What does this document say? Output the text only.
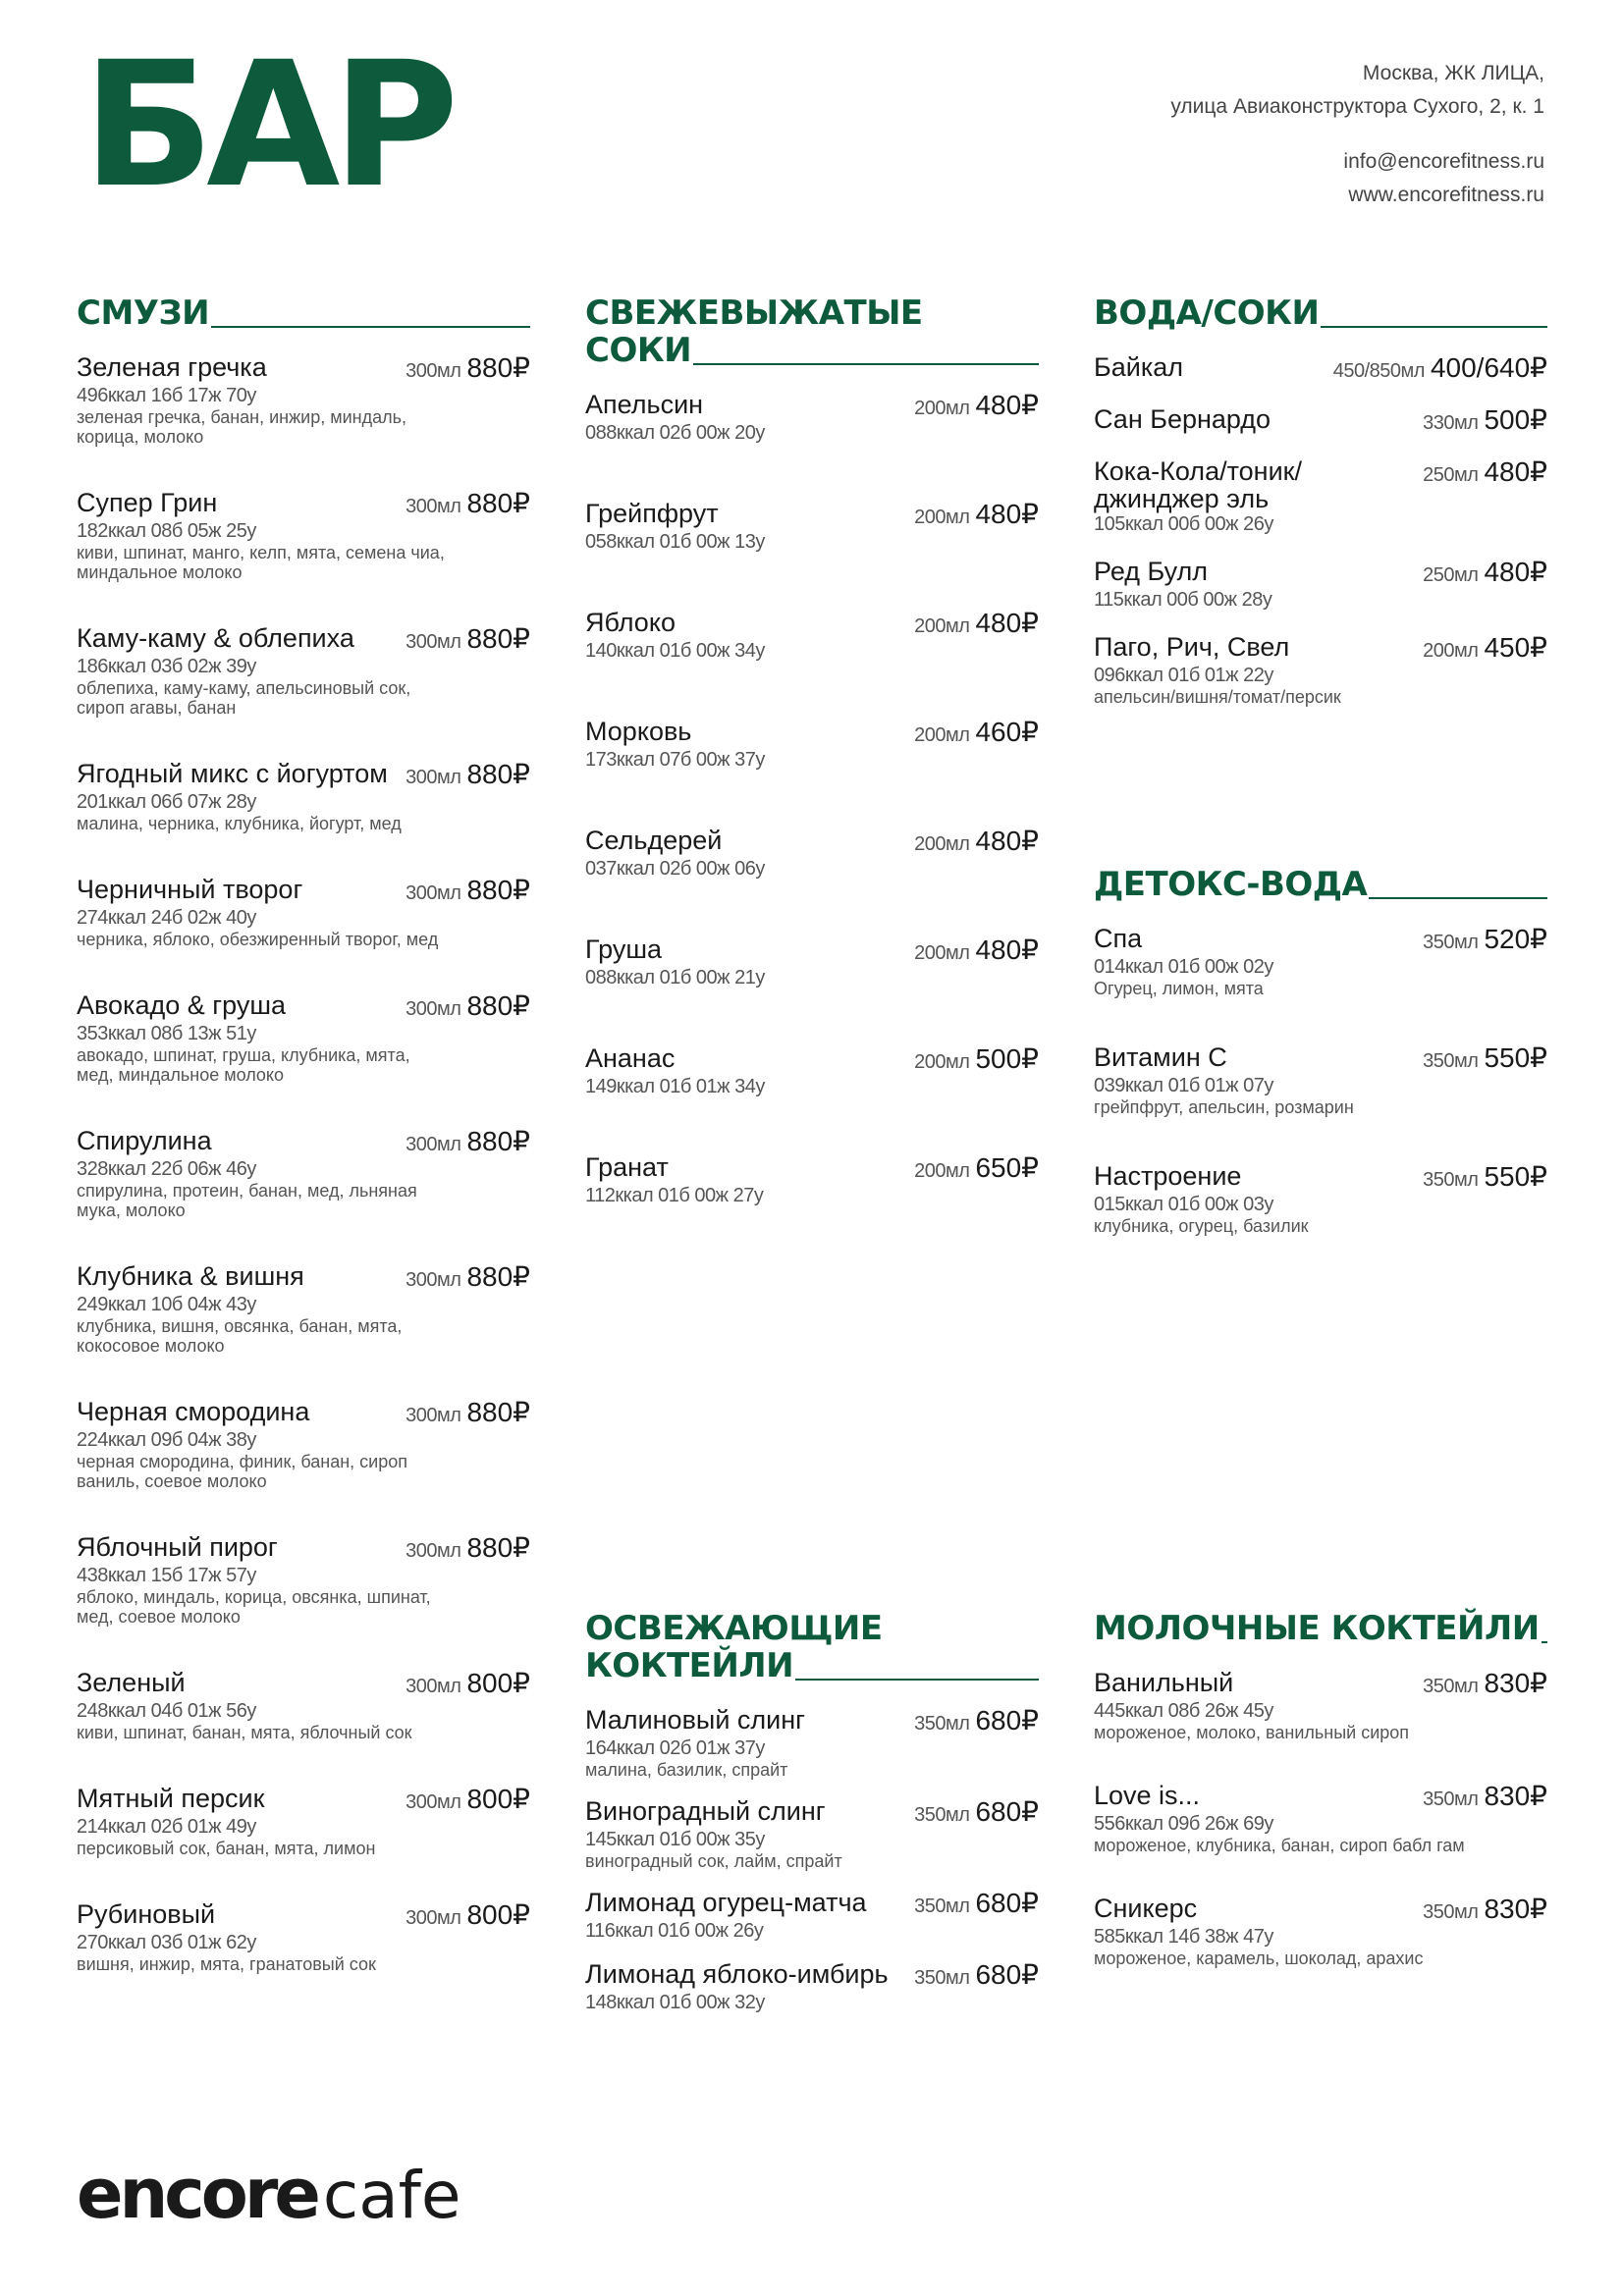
БАР	Москва, ЖК ЛИЦА,
улица Авиаконструктора Сухого, 2, к. 1
info@encorefitness.ru
www.encorefitness.ru
СМУЗИ
Зеленая гречка	300мл 880₽
496ккал 16б 17ж 70у
зеленая гречка, банан, инжир, миндаль, корица, молоко
Супер Грин	300мл 880₽
182ккал 08б 05ж 25у
киви, шпинат, манго, келп, мята, семена чиа, миндальное молоко
Каму-каму & облепиха	300мл 880₽
186ккал 03б 02ж 39у
облепиха, каму-каму, апельсиновый сок, сироп агавы, банан
Ягодный микс с йогуртом 300мл 880₽
201ккал 06б 07ж 28у
малина, черника, клубника, йогурт, мед
Черничный творог	300мл 880₽
274ккал 24б 02ж 40у
черника, яблоко, обезжиренный творог, мед
Авокадо & груша	300мл 880₽
353ккал 08б 13ж 51у
авокадо, шпинат, груша, клубника, мята, мед, миндальное молоко
Спирулина	300мл 880₽
328ккал 22б 06ж 46у
спирулина, протеин, банан, мед, льняная мука, молоко
Клубника & вишня	300мл 880₽
249ккал 10б 04ж 43у
клубника, вишня, овсянка, банан, мята, кокосовое молоко
Черная смородина	300мл 880₽
224ккал 09б 04ж 38у
черная смородина, финик, банан, сироп ваниль, соевое молоко
Яблочный пирог	300мл 880₽
438ккал 15б 17ж 57у
яблоко, миндаль, корица, овсянка, шпинат, мед, соевое молоко
Зеленый	300мл 800₽
248ккал 04б 01ж 56у
киви, шпинат, банан, мята, яблочный сок
Мятный персик	300мл 800₽
214ккал 02б 01ж 49у
персиковый сок, банан, мята, лимон
Рубиновый	300мл 800₽
270ккал 03б 01ж 62у
вишня, инжир, мята, гранатовый сок
СВЕЖЕВЫЖАТЫЕ СОКИ
Апельсин	200мл 480₽
088ккал 02б 00ж 20у
Грейпфрут	200мл 480₽
058ккал 01б 00ж 13у
Яблоко	200мл 480₽
140ккал 01б 00ж 34у
Морковь	200мл 460₽
173ккал 07б 00ж 37у
Сельдерей	200мл 480₽
037ккал 02б 00ж 06у
Груша	200мл 480₽
088ккал 01б 00ж 21у
Ананас	200мл 500₽
149ккал 01б 01ж 34у
Гранат	200мл 650₽
112ккал 01б 00ж 27у
ВОДА/СОКИ
Байкал	450/850мл 400/640₽
Сан Бернардо	330мл 500₽
Кока-Кола/тоник/ джинджер эль
250мл 480₽
105ккал 00б 00ж 26у
Ред Булл	250мл 480₽
115ккал 00б 00ж 28у
Паго, Рич, Свел	200мл 450₽
096ккал 01б 01ж 22у
апельсин/вишня/томат/персик
ДЕТОКС-ВОДА
Спа	350мл 520₽
014ккал 01б 00ж 02у
Огурец, лимон, мята
Витамин С	350мл 550₽
039ккал 01б 01ж 07у
грейпфрут, апельсин, розмарин
Настроение	350мл 550₽
015ккал 01б 00ж 03у
клубника, огурец, базилик
ОСВЕЖАЮЩИЕ КОКТЕЙЛИ
Малиновый слинг	350мл 680₽
164ккал 02б 01ж 37у
малина, базилик, спрайт
Виноградный слинг	350мл 680₽
145ккал 01б 00ж 35у
виноградный сок, лайм, спрайт
Лимонад огурец-матча 350мл 680₽
116ккал 01б 00ж 26у
Лимонад яблоко-имбирь 350мл 680₽
148ккал 01б 00ж 32у
МОЛОЧНЫЕ КОКТЕЙЛИ
Ванильный	350мл 830₽
445ккал 08б 26ж 45у
мороженое, молоко, ванильный сироп
Love is...	350мл 830₽
556ккал 09б 26ж 69у
мороженое, клубника, банан, сироп бабл гам
Сникерс	350мл 830₽
585ккал 14б 38ж 47у
мороженое, карамель, шоколад, арахис
encorecafe
